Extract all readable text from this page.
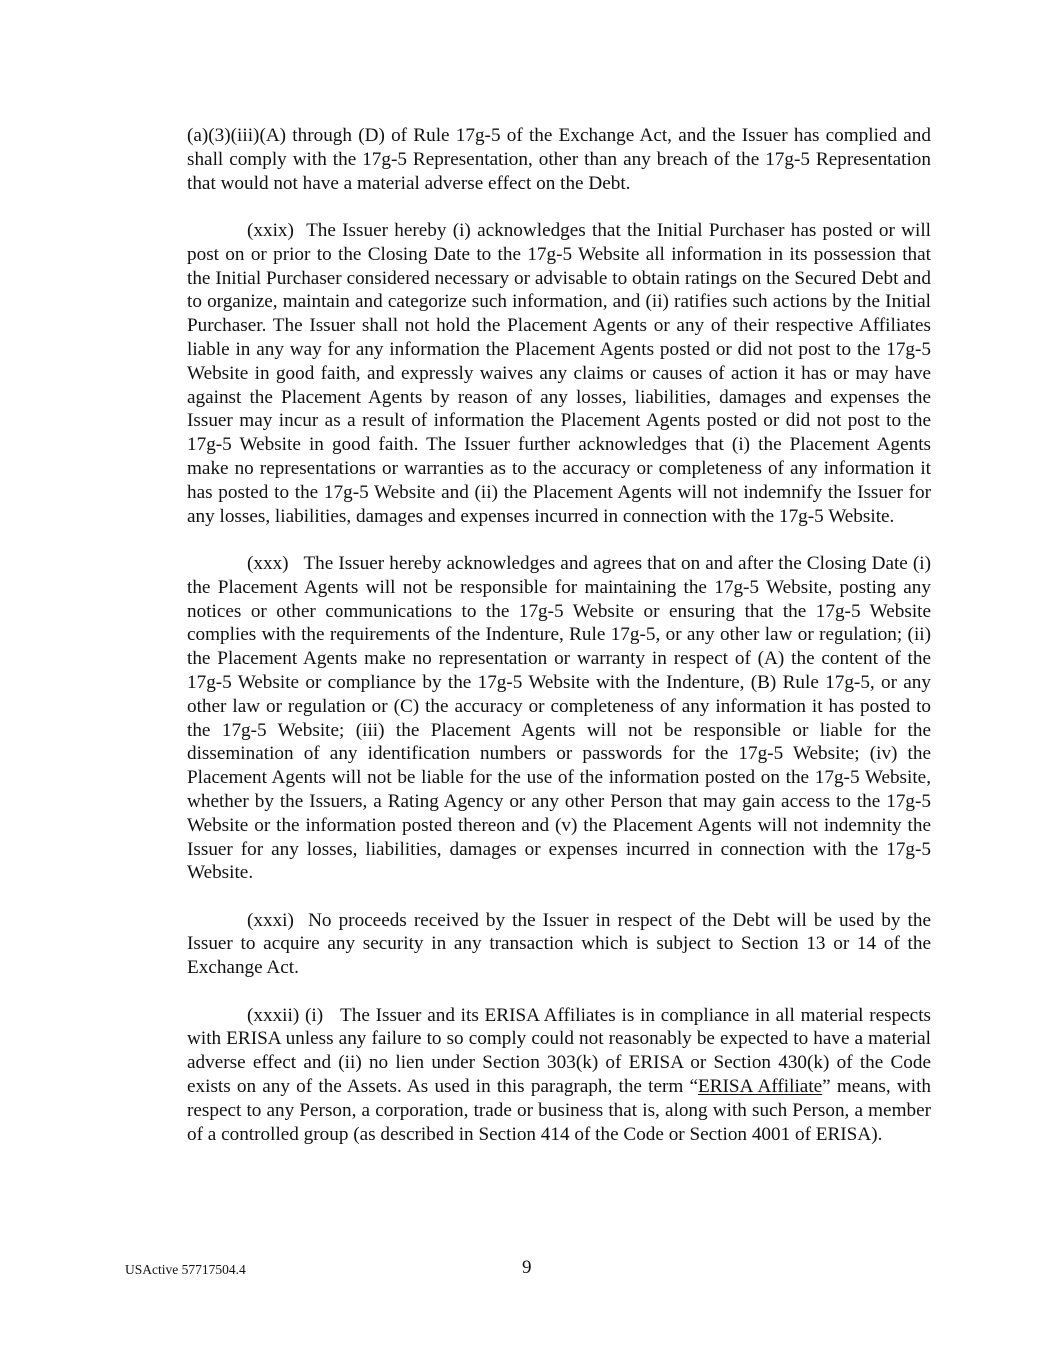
(a)(3)(iii)(A) through (D) of Rule 17g-5 of the Exchange Act, and the Issuer has complied and shall comply with the 17g-5 Representation, other than any breach of the 17g-5 Representation that would not have a material adverse effect on the Debt.

(xxix) The Issuer hereby (i) acknowledges that the Initial Purchaser has posted or will post on or prior to the Closing Date to the 17g-5 Website all information in its possession that the Initial Purchaser considered necessary or advisable to obtain ratings on the Secured Debt and to organize, maintain and categorize such information, and (ii) ratifies such actions by the Initial Purchaser. The Issuer shall not hold the Placement Agents or any of their respective Affiliates liable in any way for any information the Placement Agents posted or did not post to the 17g-5 Website in good faith, and expressly waives any claims or causes of action it has or may have against the Placement Agents by reason of any losses, liabilities, damages and expenses the Issuer may incur as a result of information the Placement Agents posted or did not post to the 17g-5 Website in good faith. The Issuer further acknowledges that (i) the Placement Agents make no representations or warranties as to the accuracy or completeness of any information it has posted to the 17g-5 Website and (ii) the Placement Agents will not indemnify the Issuer for any losses, liabilities, damages and expenses incurred in connection with the 17g-5 Website.

(xxx) The Issuer hereby acknowledges and agrees that on and after the Closing Date (i) the Placement Agents will not be responsible for maintaining the 17g-5 Website, posting any notices or other communications to the 17g-5 Website or ensuring that the 17g-5 Website complies with the requirements of the Indenture, Rule 17g-5, or any other law or regulation; (ii) the Placement Agents make no representation or warranty in respect of (A) the content of the 17g-5 Website or compliance by the 17g-5 Website with the Indenture, (B) Rule 17g-5, or any other law or regulation or (C) the accuracy or completeness of any information it has posted to the 17g-5 Website; (iii) the Placement Agents will not be responsible or liable for the dissemination of any identification numbers or passwords for the 17g-5 Website; (iv) the Placement Agents will not be liable for the use of the information posted on the 17g-5 Website, whether by the Issuers, a Rating Agency or any other Person that may gain access to the 17g-5 Website or the information posted thereon and (v) the Placement Agents will not indemnity the Issuer for any losses, liabilities, damages or expenses incurred in connection with the 17g-5 Website.

(xxxi) No proceeds received by the Issuer in respect of the Debt will be used by the Issuer to acquire any security in any transaction which is subject to Section 13 or 14 of the Exchange Act.

(xxxii) (i) The Issuer and its ERISA Affiliates is in compliance in all material respects with ERISA unless any failure to so comply could not reasonably be expected to have a material adverse effect and (ii) no lien under Section 303(k) of ERISA or Section 430(k) of the Code exists on any of the Assets. As used in this paragraph, the term “ERISA Affiliate” means, with respect to any Person, a corporation, trade or business that is, along with such Person, a member of a controlled group (as described in Section 414 of the Code or Section 4001 of ERISA).

USActive 57717504.4	9
